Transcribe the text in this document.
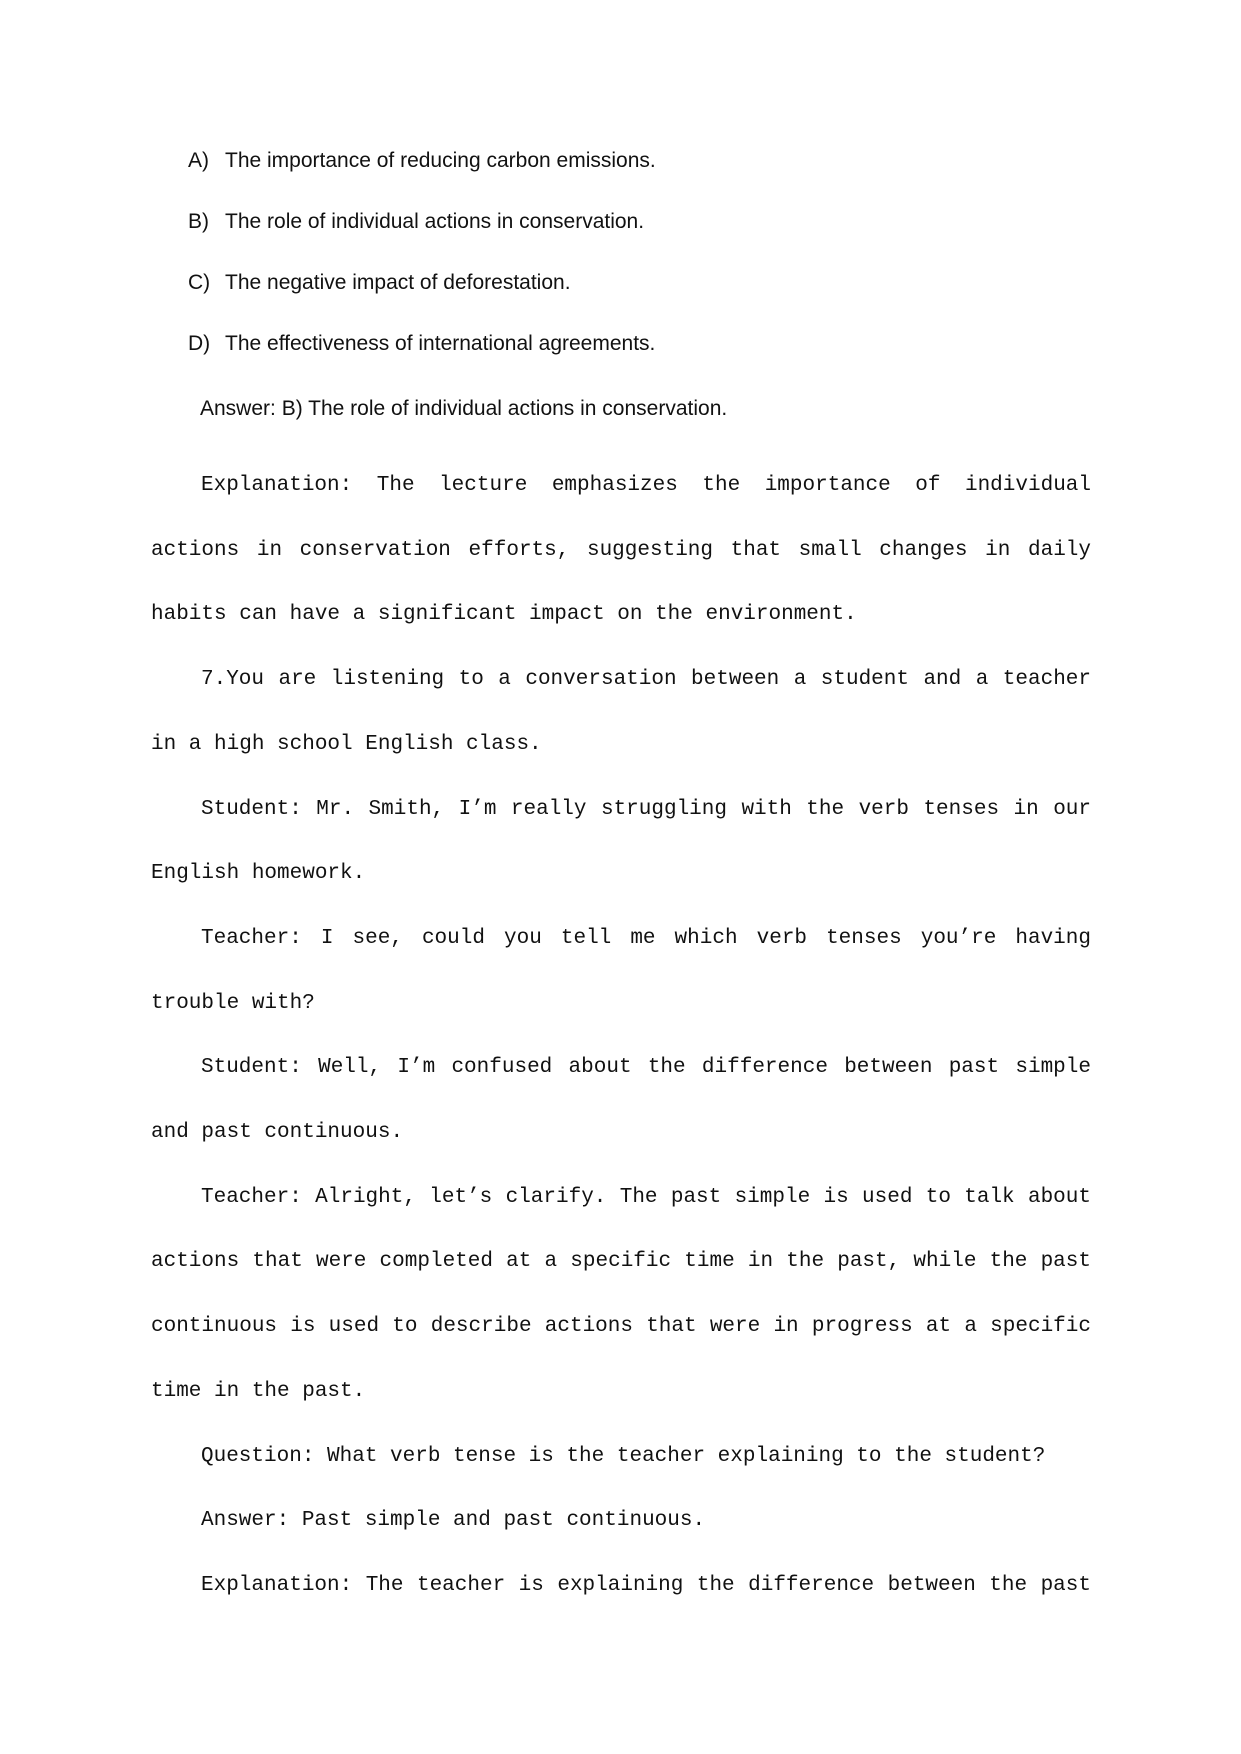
A) The importance of reducing carbon emissions.
B) The role of individual actions in conservation.
C) The negative impact of deforestation.
D) The effectiveness of international agreements.
Answer: B) The role of individual actions in conservation.

Explanation: The lecture emphasizes the importance of individual actions in conservation efforts, suggesting that small changes in daily habits can have a significant impact on the environment.

7.You are listening to a conversation between a student and a teacher in a high school English class.

Student: Mr. Smith, I’m really struggling with the verb tenses in our English homework.

Teacher: I see, could you tell me which verb tenses you’re having trouble with?

Student: Well, I’m confused about the difference between past simple and past continuous.

Teacher: Alright, let’s clarify. The past simple is used to talk about actions that were completed at a specific time in the past, while the past continuous is used to describe actions that were in progress at a specific time in the past.

Question: What verb tense is the teacher explaining to the student?

Answer: Past simple and past continuous.

Explanation: The teacher is explaining the difference between the past
